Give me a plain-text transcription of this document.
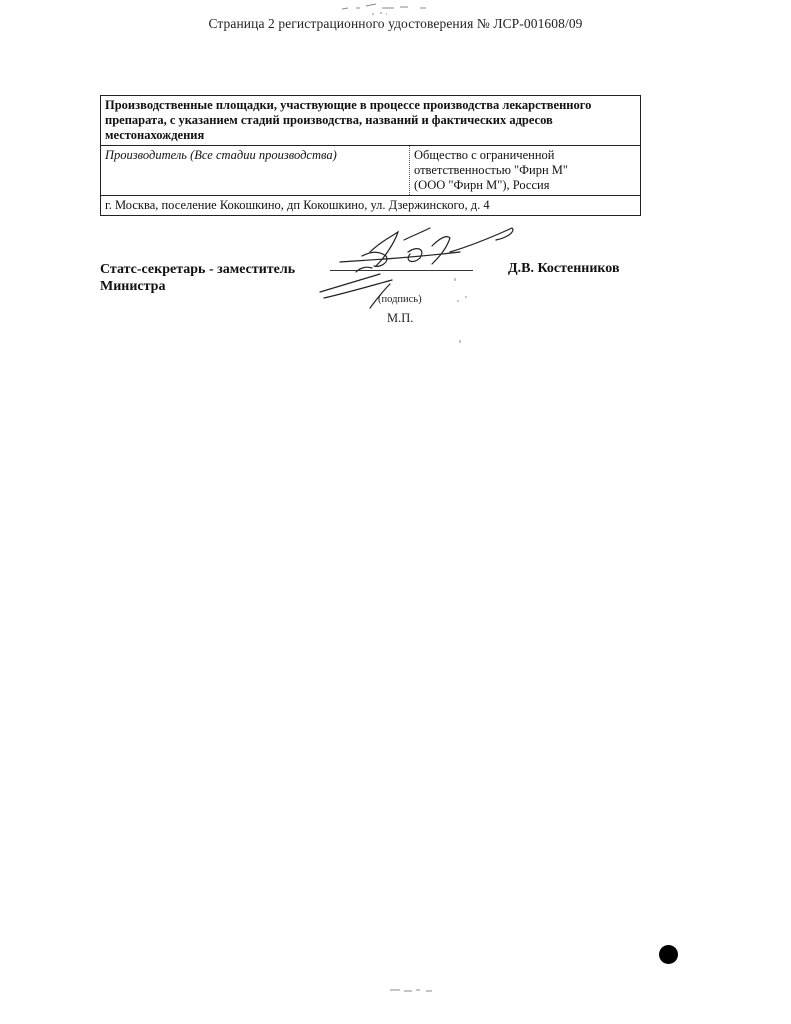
Страница 2 регистрационного удостоверения № ЛСР-001608/09
Производственные площадки, участвующие в процессе производства лекарственного препарата, с указанием стадий производства, названий и фактических адресов местонахождения
Производитель (Все стадии производства)	Общество с ограниченной
ответственностью "Фирн М"
(ООО "Фирн М"), Россия

г. Москва, поселение Кокошкино, дп Кокошкино, ул. Дзержинского, д. 4
Статс-секретарь - заместитель
Министра
(подпись)
М.П.
Д.В. Костенников
